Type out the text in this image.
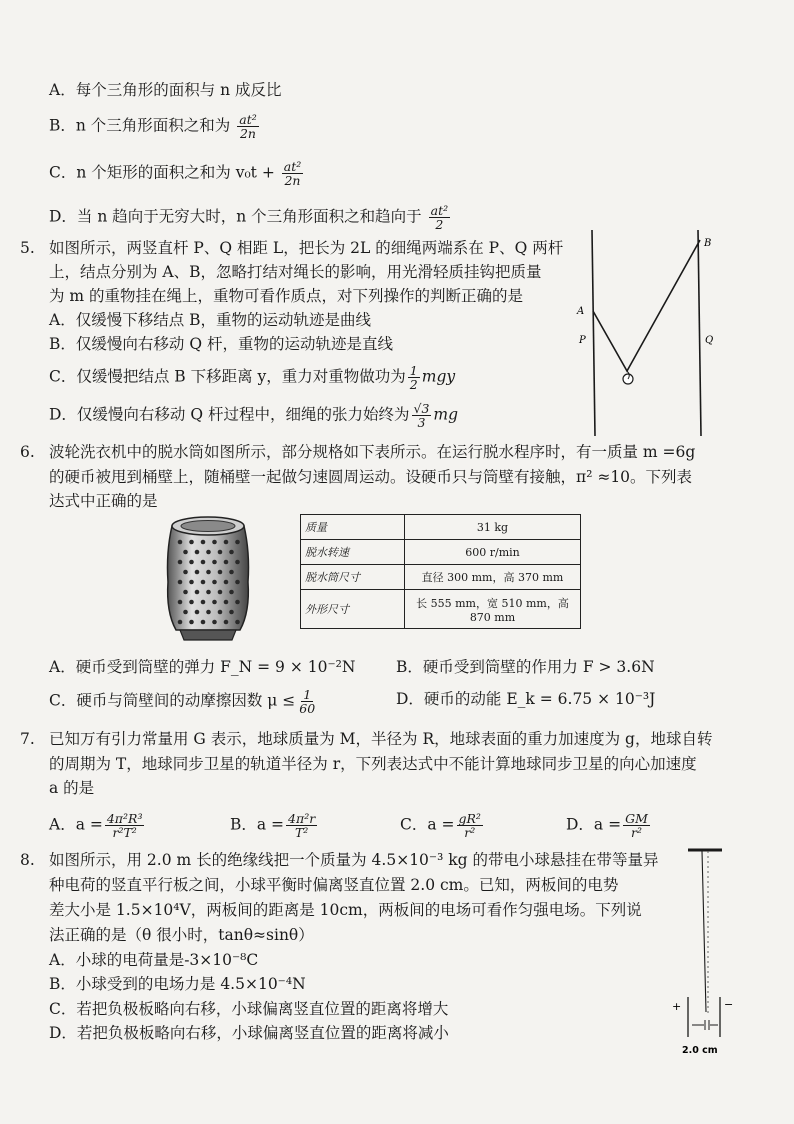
A．每个三角形的面积与 n 成反比
B．n 个三角形面积之和为 $\frac{\text{at²}}{2n}$
C．n 个矩形的面积之和为 $v_0t + \frac{\text{at²}}{2n}$
D．当 n 趋向于无穷大时，n 个三角形面积之和趋向于 $\frac{\text{at²}}{2}$
5. 如图所示，两竖直杆 P、Q 相距 L，把长为 2L 的细绳两端系在 P、Q 两杆
上，结点分别为 A、B，忽略打结对绳长的影响，用光滑轻质挂钩把质量
为 m 的重物挂在绳上，重物可看作质点，对下列操作的判断正确的是
A．仅缓慢下移结点 B，重物的运动轨迹是曲线
B．仅缓慢向右移动 Q 杆，重物的运动轨迹是直线
C．仅缓慢把结点 B 下移距离 y，重力对重物做功为 $\frac{1}{2}$ mgy
D．仅缓慢向右移动 Q 杆过程中，细绳的张力始终为 $\frac{√3}{3}$ mg
A
B
P	Q
6. 波轮洗衣机中的脱水筒如图所示，部分规格如下表所示。在运行脱水程序时，有一质量 m =6g
的硬币被甩到桶壁上，随桶壁一起做匀速圆周运动。设硬币只与筒壁有接触，π² ≈10。下列表
达式中正确的是
质量	31 kg
脱水转速	600 r/min
脱水筒尺寸	直径 300 mm，高 370 mm
外形尺寸	长 555 mm，宽 510 mm，高 870 mm
A．硬币受到筒壁的弹力 F_N = 9 × 10⁻²N	B．硬币受到筒壁的作用力 F > 3.6N
C．硬币与筒壁间的动摩擦因数 $\mu \le \frac{1}{60}$	D．硬币的动能 E_k = 6.75 × 10⁻³J
7. 已知万有引力常量用 G 表示，地球质量为 M，半径为 R，地球表面的重力加速度为 g，地球自转
的周期为 T，地球同步卫星的轨道半径为 r，下列表达式中不能计算地球同步卫星的向心加速度
a 的是
A．$a = \frac{\text{4π²R³}}{\text{r²T²}}$	B．$a = \frac{\text{4π²r}}{\text{T²}}$	C．$a = \frac{\text{gR²}}{\text{r²}}$	D．$a = \frac{GM}{\text{r²}}$
8. 如图所示，用 2.0 m 长的绝缘线把一个质量为 4.5×10⁻³ kg 的带电小球悬挂在带等量异
种电荷的竖直平行板之间，小球平衡时偏离竖直位置 2.0 cm。已知，两板间的电势
差大小是 1.5×10⁴V，两板间的距离是 10cm，两板间的电场可看作匀强电场。下列说
法正确的是（θ 很小时，tanθ≈sinθ）
A．小球的电荷量是-3×10⁻⁸C
B．小球受到的电场力是 4.5×10⁻⁴N
C．若把负极板略向右移，小球偏离竖直位置的距离将增大
D．若把负极板略向右移，小球偏离竖直位置的距离将减小
+	−
2.0 cm
